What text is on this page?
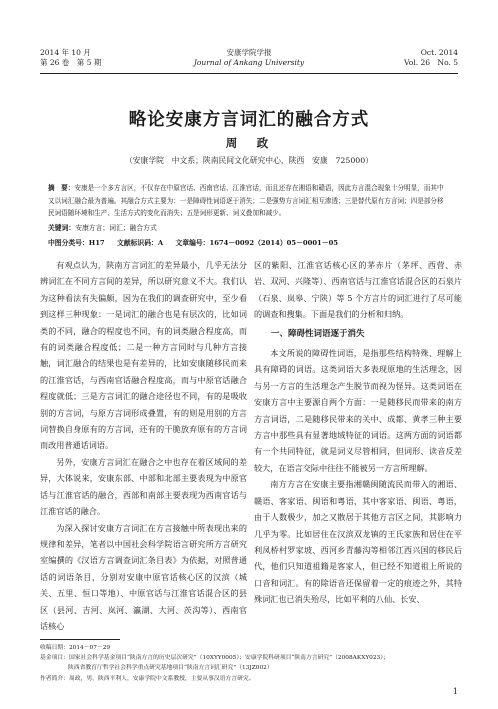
2014 年 10 月
第 26 卷　第 5 期
安康学院学报
Journal of Ankang University
Oct. 2014
Vol. 26　No. 5
略论安康方言词汇的融合方式
周　政
（安康学院　中文系；陕南民间文化研究中心，陕西　安康　725000）
摘　要：安康是一个多方言区，不仅存在中原官话、西南官话、江淮官话，而且还存在湘语和赣语，因此方言混合现象十分明显，而其中又以词汇融合最为普遍。其融合方式主要为：一是障碍性词语逐于消失；二是强势方言词汇相互渗透；三是替代原有方言词；四是部分移民词语随环境和生产、生活方式的变化而消失；五是词形更新、词义叠加和减少。
关键词：安康方言；词汇；融合方式
中图分类号：H17 文献标识码：A 文章编号：1674－0092（2014）05－0001－05

有观点认为，陕南方言词汇的差异最小，几乎无法分辨词汇在不同方言间的差异，所以研究意义不大。我们认为这种看法有失偏颇，因为在我们的调查研究中，至少看到这样三种现象：一是词汇的融合也是有层次的，比如词类的不同，融合的程度也不同，有的词类融合程度高，而有的词类融合程度低；二是一种方言同时与几种方言接触，词汇融合的结果也是有差异的，比如安康随移民而来的江淮官话，与西南官话融合程度高，而与中原官话融合程度就低；三是方言词汇的融合途径也不同，有的是吸收别的方言词，与原方言词形成叠置，有的则是用别的方言词替换自身原有的方言词，还有的干脆放弃原有的方言词而改用普通话词语。

另外，安康方言词汇在融合之中也存在着区域间的差异，大体说来，安康东部、中部和北部主要表现为中原官话与江淮官话的融合，西部和南部主要表现为西南官话与江淮官话的融合。

为深入探讨安康方言词汇在方言接触中所表现出来的规律和差异，笔者以中国社会科学院语言研究所方言研究室编撰的《汉语方言调查词汇条目表》为依据，对照普通话的词语条目，分别对安康中原官话核心区的汉滨（城关、五里、恒口等地）、中原官话与江淮官话混合区的县区（县河、吉河、岚河、瀛湖、大河、茨沟等）、西南官话核心

区的紫阳、江淮官话核心区的茅赤片（茅坪、西营、赤岩、双河、兴隆等）、西南官话与江淮官话混合区的石泉片（石泉、岚皋、宁陕）等 5 个方言片的词汇进行了尽可能的调查和搜集。下面是我们的分析和归纳。

一、障碍性词语逐于消失

本文所说的障碍性词语，是指那些结构特殊、理解上具有障碍的词语。这类词语大多表现原地的生活理念，因与另一方言的生活理念产生脱节而视为怪异。这类词语在安康方言中主要源自两个方面：一是随移民而带来的南方方言词语，二是随移民带来的关中、成都、黄孝三种主要方言中那些具有显著地域特征的词语。这两方面的词语都有一个共同特征，就是词义尽管相同，但词形、读音反差较大，在语言交际中往往不能被另一方言所理解。

南方方言在安康主要指湘赣闽随流民而带入的湘语、赣语、客家语、闽语和粤语，其中客家语、闽语、粤语，由于人数极少，加之又散居于其他方言区之间，其影响力几乎为零。比如居住在汉滨双龙镇的王氏家族和居住在平利凤桥村罗家坡、西河乡青藤沟等相邻江西兴国的移民后代，他们只知道祖籍是客家人，但已经不知道祖上所说的口音和词汇。有的除语音还保留着一定的痕迹之外，其特殊词汇也已消失殆尽，比如平利的八仙、长安、

收稿日期：2014－07－29
基金项目：国家社会科学基金项目“陕南方言的历史层次研究”（10XYY0005）；安康学院科研项目“陕南方言研究”（2008AKXY023）；
陕西省教育厅哲学社会科学重点研究基地项目“陕南方言词汇研究”（13JZ002）
作者简介：周政，男，陕西平利人，安康学院中文系教授，主要从事汉语方言研究。
1
